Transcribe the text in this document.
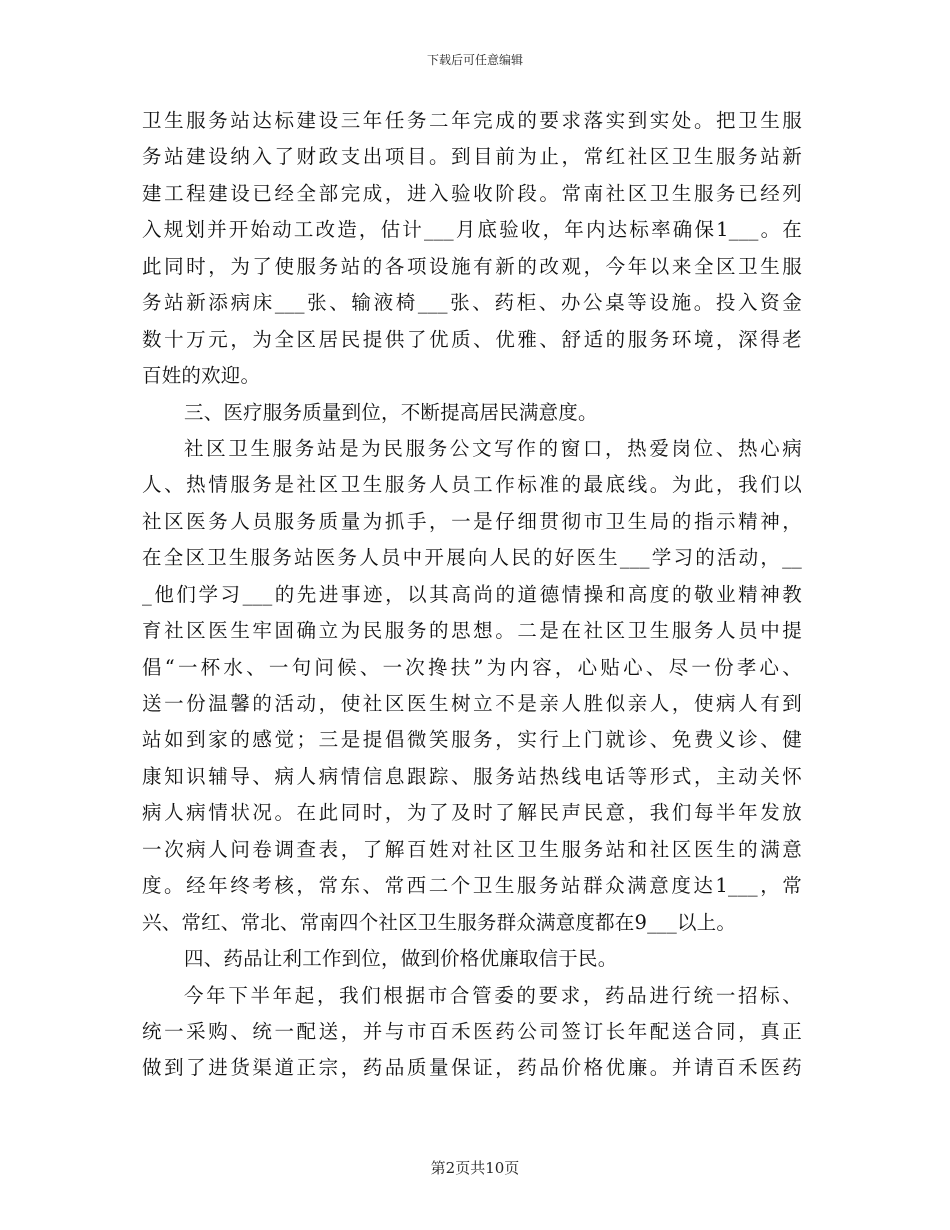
下载后可任意编辑
卫生服务站达标建设三年任务二年完成的要求落实到实处。把卫生服
务站建设纳入了财政支出项目。到目前为止，常红社区卫生服务站新
建工程建设已经全部完成，进入验收阶段。常南社区卫生服务已经列
入规划并开始动工改造，估计___月底验收，年内达标率确保1___。在
此同时，为了使服务站的各项设施有新的改观，今年以来全区卫生服
务站新添病床___张、输液椅___张、药柜、办公桌等设施。投入资金
数十万元，为全区居民提供了优质、优雅、舒适的服务环境，深得老
百姓的欢迎。
三、医疗服务质量到位，不断提高居民满意度。
社区卫生服务站是为民服务公文写作的窗口，热爱岗位、热心病
人、热情服务是社区卫生服务人员工作标准的最底线。为此，我们以
社区医务人员服务质量为抓手，一是仔细贯彻市卫生局的指示精神，
在全区卫生服务站医务人员中开展向人民的好医生___学习的活动，__
_他们学习___的先进事迹，以其高尚的道德情操和高度的敬业精神教
育社区医生牢固确立为民服务的思想。二是在社区卫生服务人员中提
倡“一杯水、一句问候、一次搀扶”为内容，心贴心、尽一份孝心、
送一份温馨的活动，使社区医生树立不是亲人胜似亲人，使病人有到
站如到家的感觉；三是提倡微笑服务，实行上门就诊、免费义诊、健
康知识辅导、病人病情信息跟踪、服务站热线电话等形式，主动关怀
病人病情状况。在此同时，为了及时了解民声民意，我们每半年发放
一次病人问卷调查表，了解百姓对社区卫生服务站和社区医生的满意
度。经年终考核，常东、常西二个卫生服务站群众满意度达1___，常
兴、常红、常北、常南四个社区卫生服务群众满意度都在9___以上。
四、药品让利工作到位，做到价格优廉取信于民。
今年下半年起，我们根据市合管委的要求，药品进行统一招标、
统一采购、统一配送，并与市百禾医药公司签订长年配送合同，真正
做到了进货渠道正宗，药品质量保证，药品价格优廉。并请百禾医药
第2页共10页
